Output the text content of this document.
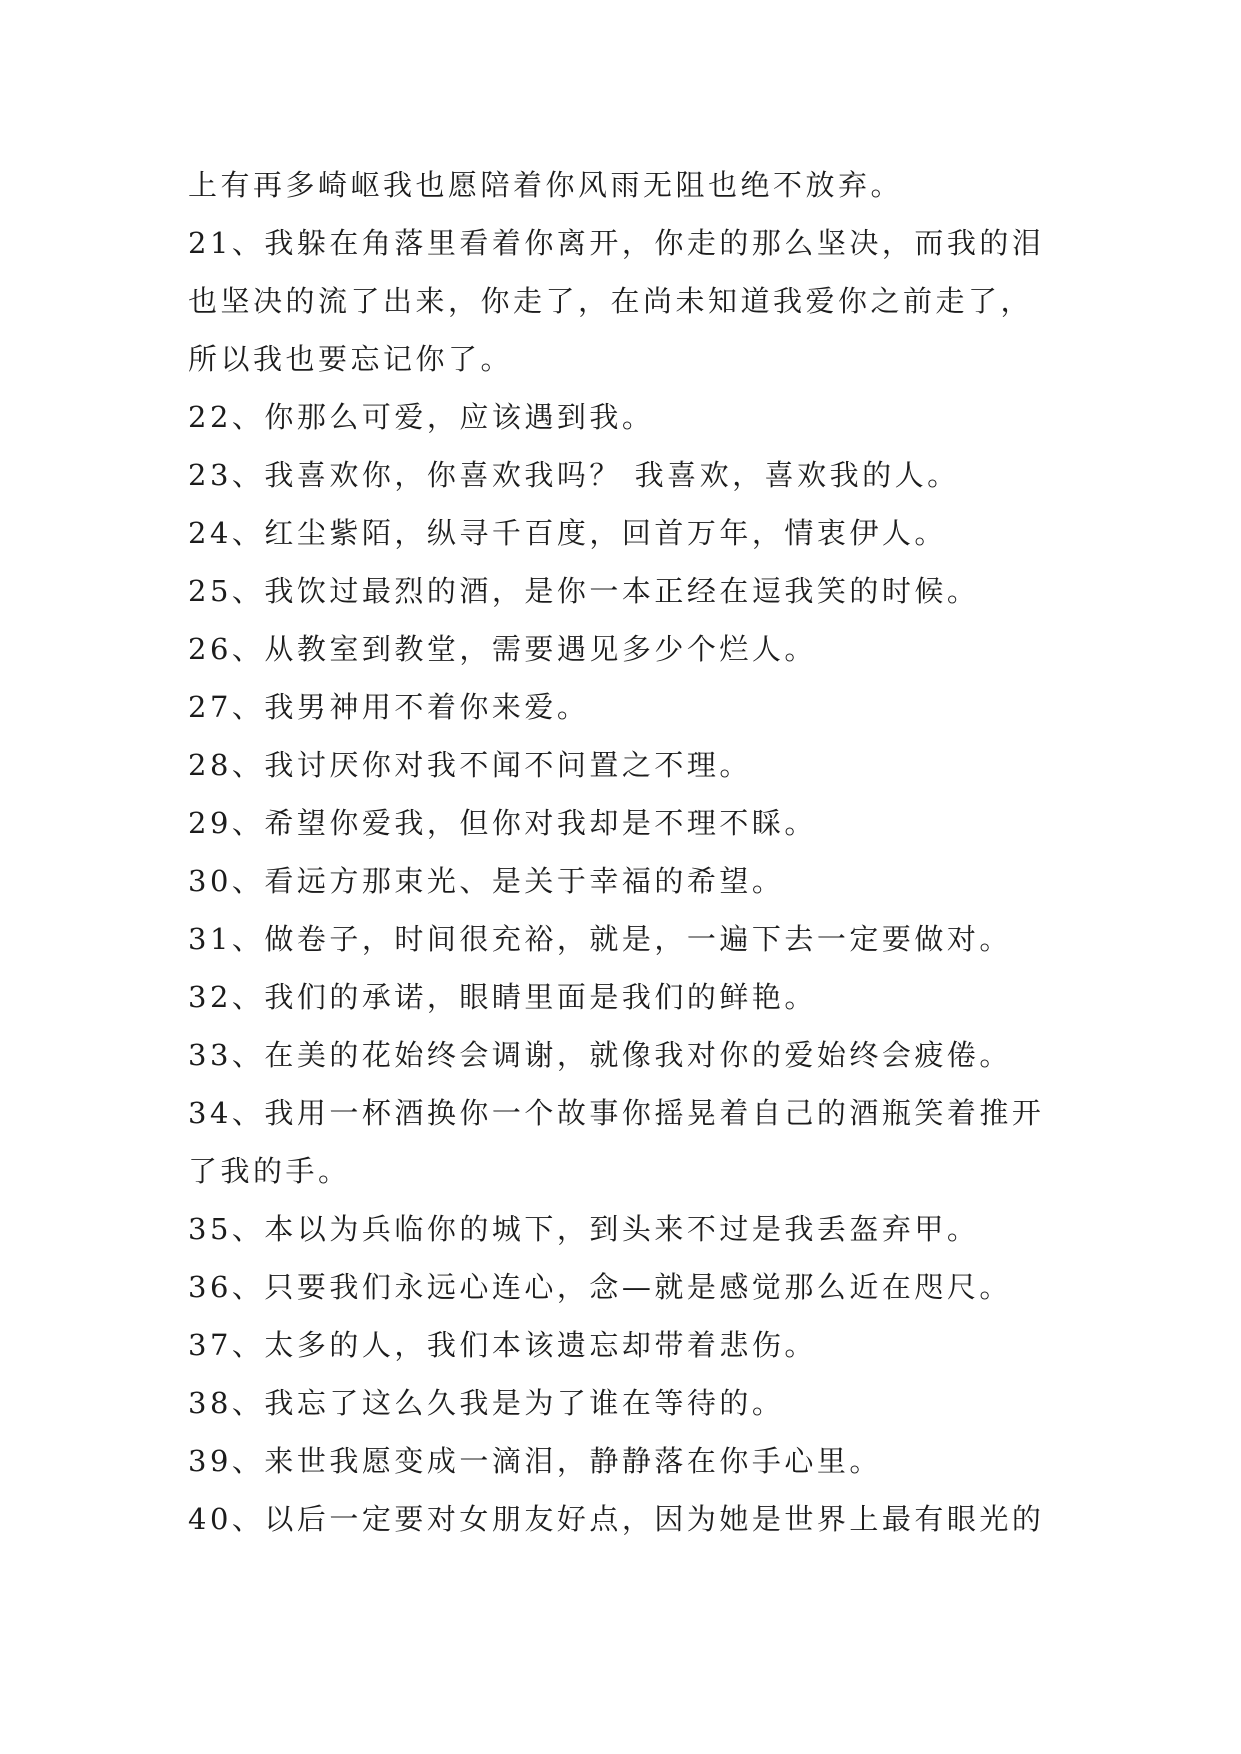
上有再多崎岖我也愿陪着你风雨无阻也绝不放弃。
21、我躲在角落里看着你离开，你走的那么坚决，而我的泪
也坚决的流了出来，你走了，在尚未知道我爱你之前走了，
所以我也要忘记你了。
22、你那么可爱，应该遇到我。
23、我喜欢你，你喜欢我吗？ 我喜欢，喜欢我的人。
24、红尘紫陌，纵寻千百度，回首万年，情衷伊人。
25、我饮过最烈的酒，是你一本正经在逗我笑的时候。
26、从教室到教堂，需要遇见多少个烂人。
27、我男神用不着你来爱。
28、我讨厌你对我不闻不问置之不理。
29、希望你爱我，但你对我却是不理不睬。
30、看远方那束光、是关于幸福的希望。
31、做卷子，时间很充裕，就是，一遍下去一定要做对。
32、我们的承诺，眼睛里面是我们的鲜艳。
33、在美的花始终会调谢，就像我对你的爱始终会疲倦。
34、我用一杯酒换你一个故事你摇晃着自己的酒瓶笑着推开
了我的手。
35、本以为兵临你的城下，到头来不过是我丢盔弃甲。
36、只要我们永远心连心，念—就是感觉那么近在咫尺。
37、太多的人，我们本该遗忘却带着悲伤。
38、我忘了这么久我是为了谁在等待的。
39、来世我愿变成一滴泪，静静落在你手心里。
40、以后一定要对女朋友好点，因为她是世界上最有眼光的
